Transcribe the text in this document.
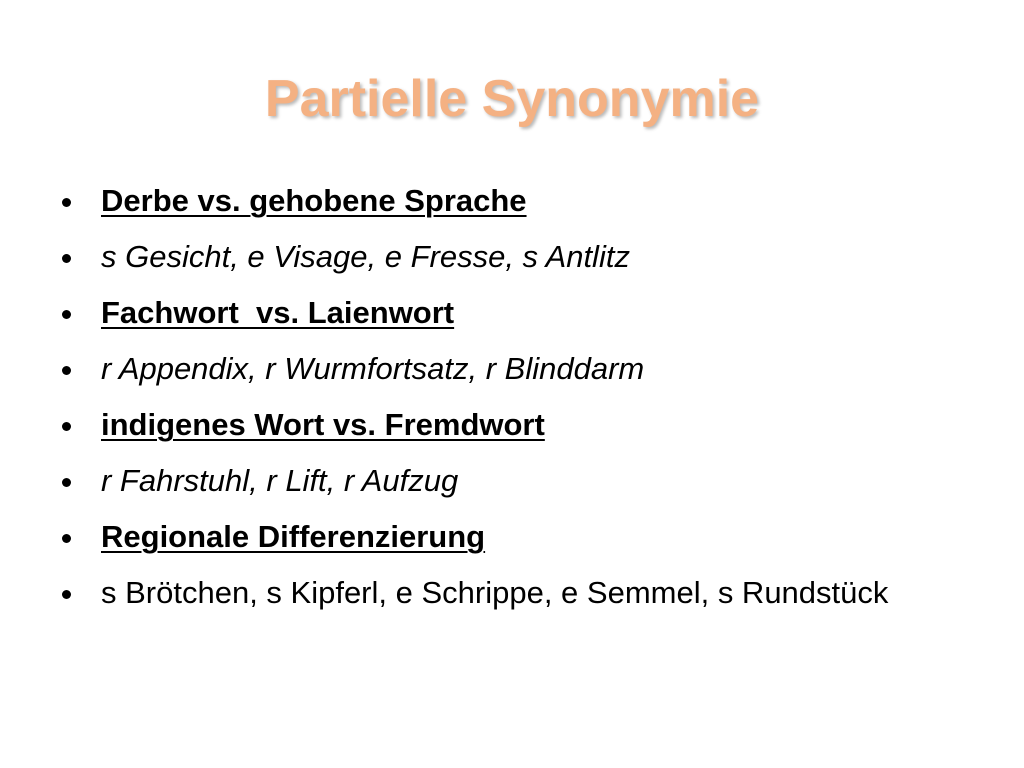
Partielle Synonymie
Derbe vs. gehobene Sprache
s Gesicht, e Visage, e Fresse, s Antlitz
Fachwort  vs. Laienwort
r Appendix, r Wurmfortsatz, r Blinddarm
indigenes Wort vs. Fremdwort
r Fahrstuhl, r Lift, r Aufzug
Regionale Differenzierung
s Brötchen, s Kipferl, e Schrippe, e Semmel, s Rundstück
